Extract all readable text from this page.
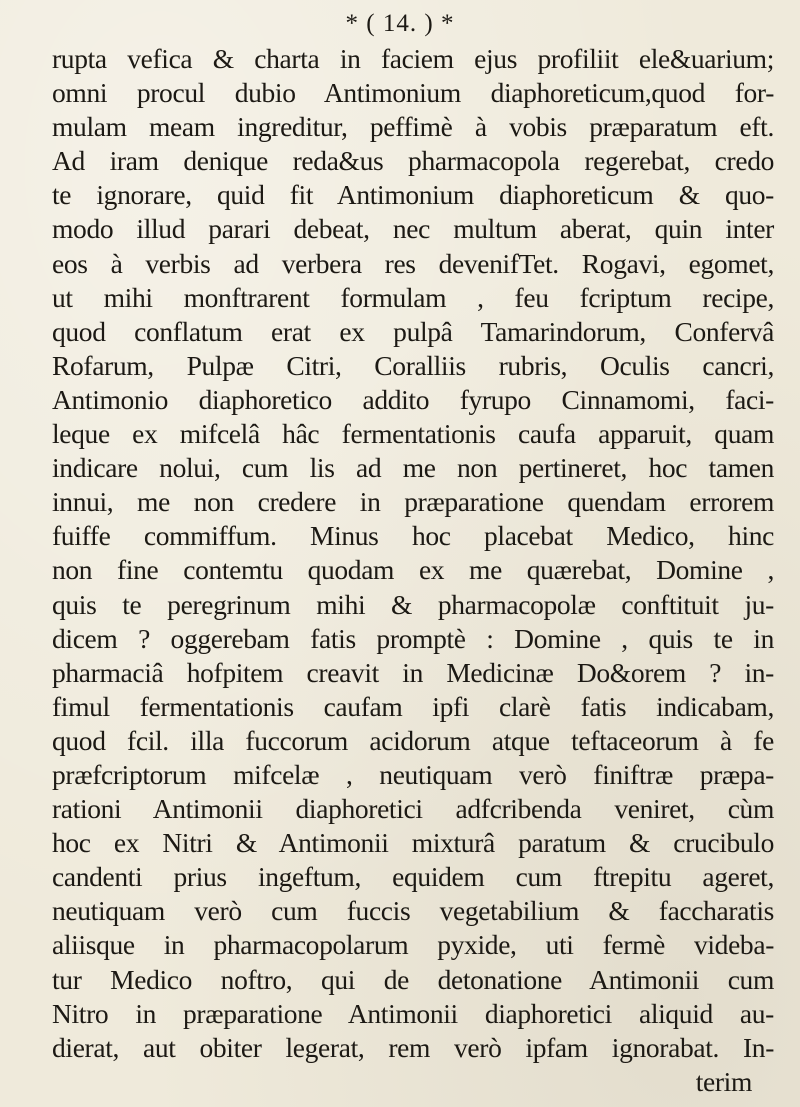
* ( 14. ) *
rupta vefica & charta in faciem ejus profiliit ele&uarium;
omni procul dubio Antimonium diaphoreticum,quod for-
mulam meam ingreditur, peffimè à vobis præparatum eft.
Ad iram denique reda&us pharmacopola regerebat, credo
te ignorare, quid fit Antimonium diaphoreticum & quo-
modo illud parari debeat, nec multum aberat, quin inter
eos à verbis ad verbera res devenifTet. Rogavi, egomet,
ut mihi monftrarent formulam , feu fcriptum recipe,
quod conflatum erat ex pulpâ Tamarindorum, Confervâ
Rofarum, Pulpæ Citri, Coralliis rubris, Oculis cancri,
Antimonio diaphoretico addito fyrupo Cinnamomi, faci-
leque ex mifcelâ hâc fermentationis caufa apparuit, quam
indicare nolui, cum lis ad me non pertineret, hoc tamen
innui, me non credere in præparatione quendam errorem
fuiffe commiffum. Minus hoc placebat Medico, hinc
non fine contemtu quodam ex me quærebat, Domine ,
quis te peregrinum mihi & pharmacopolæ conftituit ju-
dicem ? oggerebam fatis promptè : Domine , quis te in
pharmaciâ hofpitem creavit in Medicinæ Do&orem ? in-
fimul fermentationis caufam ipfi clarè fatis indicabam,
quod fcil. illa fuccorum acidorum atque teftaceorum à fe
præfcriptorum mifcelæ , neutiquam verò finiftræ præpa-
rationi Antimonii diaphoretici adfcribenda veniret, cùm
hoc ex Nitri & Antimonii mixturâ paratum & crucibulo
candenti prius ingeftum, equidem cum ftrepitu ageret,
neutiquam verò cum fuccis vegetabilium & faccharatis
aliisque in pharmacopolarum pyxide, uti fermè videba-
tur Medico noftro, qui de detonatione Antimonii cum
Nitro in præparatione Antimonii diaphoretici aliquid au-
dierat, aut obiter legerat, rem verò ipfam ignorabat. In-
terim
